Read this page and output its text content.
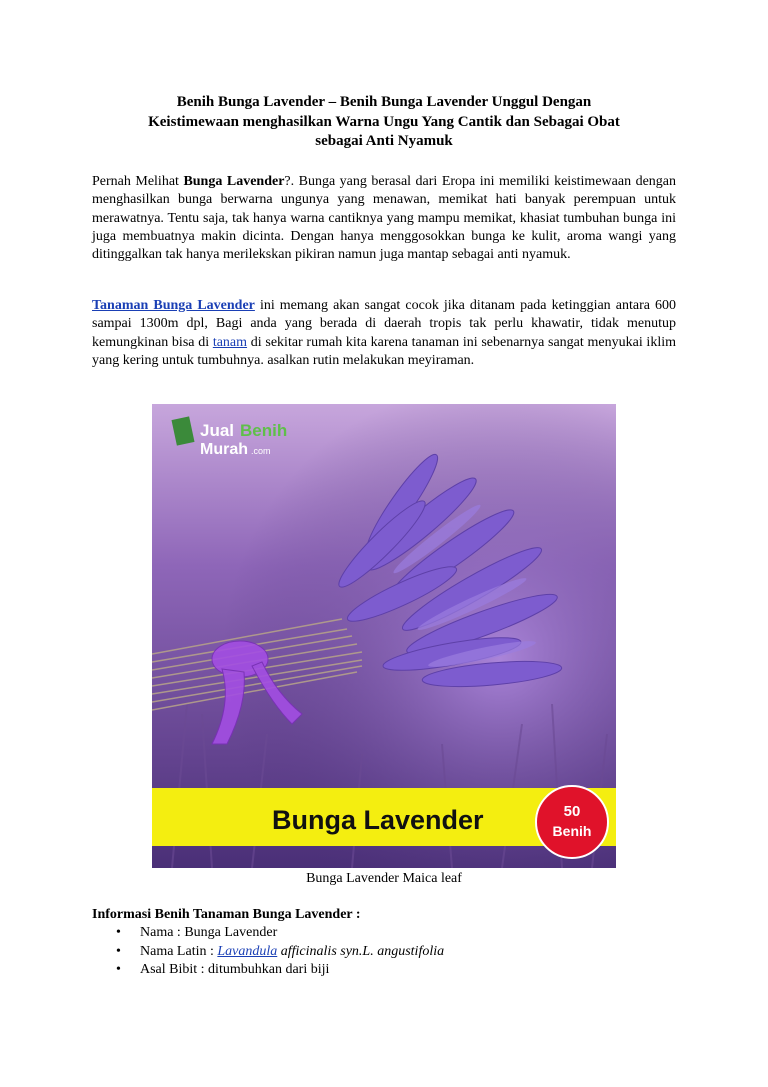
Benih Bunga Lavender – Benih Bunga Lavender Unggul Dengan
Keistimewaan menghasilkan Warna Ungu Yang Cantik dan Sebagai Obat
sebagai Anti Nyamuk
Pernah Melihat Bunga Lavender?. Bunga yang berasal dari Eropa ini memiliki keistimewaan dengan menghasilkan bunga berwarna ungunya yang menawan, memikat hati banyak perempuan untuk merawatnya. Tentu saja, tak hanya warna cantiknya yang mampu memikat, khasiat tumbuhan bunga ini juga membuatnya makin dicinta. Dengan hanya menggosokkan bunga ke kulit, aroma wangi yang ditinggalkan tak hanya merilekskan pikiran namun juga mantap sebagai anti nyamuk.
Tanaman Bunga Lavender ini memang akan sangat cocok jika ditanam pada ketinggian antara 600 sampai 1300m dpl, Bagi anda yang berada di daerah tropis tak perlu khawatir, tidak menutup kemungkinan bisa di tanam di sekitar rumah kita karena tanaman ini sebenarnya sangat menyukai iklim yang kering untuk tumbuhnya. asalkan rutin melakukan meyiraman.
Jual Benih
Murah .com
Bunga Lavender	50
Benih
Bunga Lavender Maica leaf
Informasi Benih Tanaman Bunga Lavender :
• Nama : Bunga Lavender
• Nama Latin : Lavandula afficinalis syn.L. angustifolia
• Asal Bibit : ditumbuhkan dari biji
